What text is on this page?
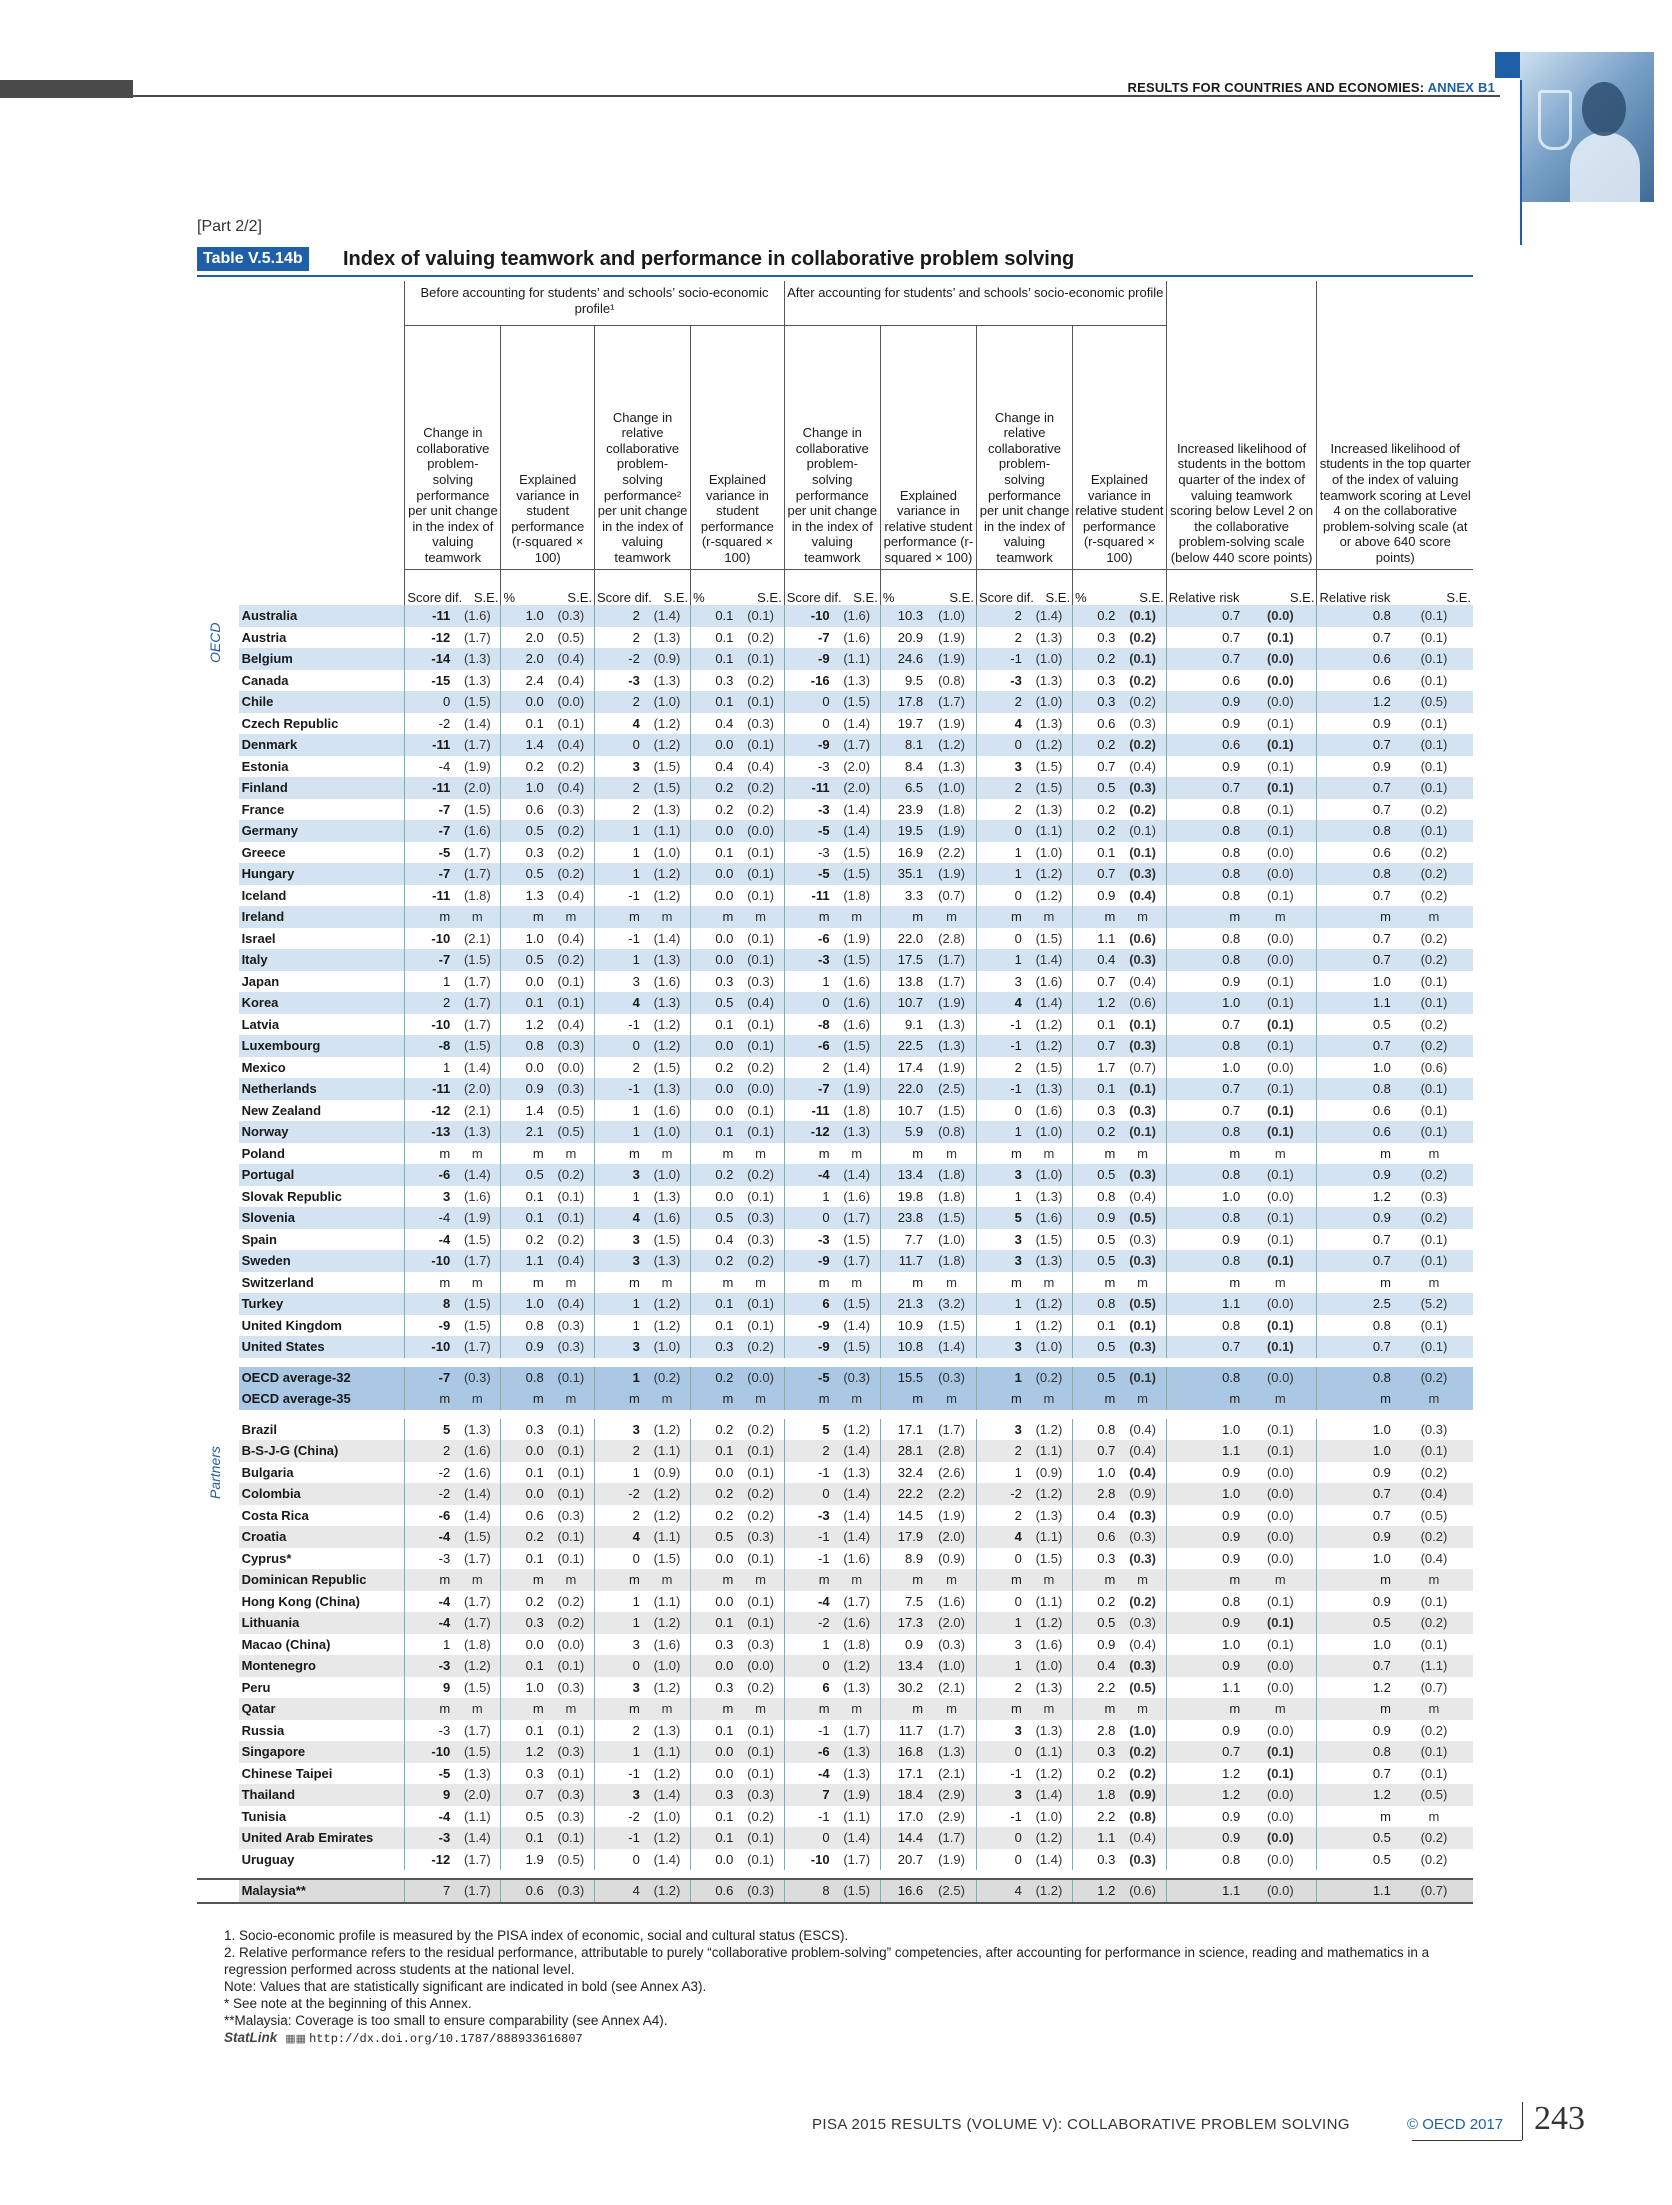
RESULTS FOR COUNTRIES AND ECONOMIES: ANNEX B1
[Part 2/2]
Table V.5.14b	Index of valuing teamwork and performance in collaborative problem solving
		Before accounting for students’ and schools’ socio-economic profile¹								After accounting for students’ and schools’ socio-economic profile								Increased likelihood of students in the bottom quarter of the index of valuing teamwork scoring below Level 2 on the collaborative problem-solving scale (below 440 score points)		Increased likelihood of students in the top quarter of the index of valuing teamwork scoring at Level 4 on the collaborative problem-solving scale (at or above 640 score points)	
		Change in collaborative problem-solving performance per unit change in the index of valuing teamwork		Explained variance in student performance (r-squared × 100)		Change in relative collaborative problem-solving performance² per unit change in the index of valuing teamwork		Explained variance in student performance (r-squared × 100)		Change in collaborative problem-solving performance per unit change in the index of valuing teamwork		Explained variance in relative student performance (r-squared × 100)		Change in relative collaborative problem-solving performance per unit change in the index of valuing teamwork		Explained variance in relative student performance (r-squared × 100)					
		Score dif.	S.E.	%	S.E.	Score dif.	S.E.	%	S.E.	Score dif.	S.E.	%	S.E.	Score dif.	S.E.	%	S.E.	Relative risk	S.E.	Relative risk	S.E.

OECD	Australia	-11	(1.6)	1.0	(0.3)	2	(1.4)	0.1	(0.1)	-10	(1.6)	10.3	(1.0)	2	(1.4)	0.2	(0.1)	0.7	(0.0)	0.8	(0.1)
	Austria	-12	(1.7)	2.0	(0.5)	2	(1.3)	0.1	(0.2)	-7	(1.6)	20.9	(1.9)	2	(1.3)	0.3	(0.2)	0.7	(0.1)	0.7	(0.1)
	Belgium	-14	(1.3)	2.0	(0.4)	-2	(0.9)	0.1	(0.1)	-9	(1.1)	24.6	(1.9)	-1	(1.0)	0.2	(0.1)	0.7	(0.0)	0.6	(0.1)
	Canada	-15	(1.3)	2.4	(0.4)	-3	(1.3)	0.3	(0.2)	-16	(1.3)	9.5	(0.8)	-3	(1.3)	0.3	(0.2)	0.6	(0.0)	0.6	(0.1)
	Chile	0	(1.5)	0.0	(0.0)	2	(1.0)	0.1	(0.1)	0	(1.5)	17.8	(1.7)	2	(1.0)	0.3	(0.2)	0.9	(0.0)	1.2	(0.5)
	Czech Republic	-2	(1.4)	0.1	(0.1)	4	(1.2)	0.4	(0.3)	0	(1.4)	19.7	(1.9)	4	(1.3)	0.6	(0.3)	0.9	(0.1)	0.9	(0.1)
	Denmark	-11	(1.7)	1.4	(0.4)	0	(1.2)	0.0	(0.1)	-9	(1.7)	8.1	(1.2)	0	(1.2)	0.2	(0.2)	0.6	(0.1)	0.7	(0.1)
	Estonia	-4	(1.9)	0.2	(0.2)	3	(1.5)	0.4	(0.4)	-3	(2.0)	8.4	(1.3)	3	(1.5)	0.7	(0.4)	0.9	(0.1)	0.9	(0.1)
	Finland	-11	(2.0)	1.0	(0.4)	2	(1.5)	0.2	(0.2)	-11	(2.0)	6.5	(1.0)	2	(1.5)	0.5	(0.3)	0.7	(0.1)	0.7	(0.1)
	France	-7	(1.5)	0.6	(0.3)	2	(1.3)	0.2	(0.2)	-3	(1.4)	23.9	(1.8)	2	(1.3)	0.2	(0.2)	0.8	(0.1)	0.7	(0.2)
	Germany	-7	(1.6)	0.5	(0.2)	1	(1.1)	0.0	(0.0)	-5	(1.4)	19.5	(1.9)	0	(1.1)	0.2	(0.1)	0.8	(0.1)	0.8	(0.1)
	Greece	-5	(1.7)	0.3	(0.2)	1	(1.0)	0.1	(0.1)	-3	(1.5)	16.9	(2.2)	1	(1.0)	0.1	(0.1)	0.8	(0.0)	0.6	(0.2)
	Hungary	-7	(1.7)	0.5	(0.2)	1	(1.2)	0.0	(0.1)	-5	(1.5)	35.1	(1.9)	1	(1.2)	0.7	(0.3)	0.8	(0.0)	0.8	(0.2)
	Iceland	-11	(1.8)	1.3	(0.4)	-1	(1.2)	0.0	(0.1)	-11	(1.8)	3.3	(0.7)	0	(1.2)	0.9	(0.4)	0.8	(0.1)	0.7	(0.2)
	Ireland	m	m	m	m	m	m	m	m	m	m	m	m	m	m	m	m	m	m	m	m
	Israel	-10	(2.1)	1.0	(0.4)	-1	(1.4)	0.0	(0.1)	-6	(1.9)	22.0	(2.8)	0	(1.5)	1.1	(0.6)	0.8	(0.0)	0.7	(0.2)
	Italy	-7	(1.5)	0.5	(0.2)	1	(1.3)	0.0	(0.1)	-3	(1.5)	17.5	(1.7)	1	(1.4)	0.4	(0.3)	0.8	(0.0)	0.7	(0.2)
	Japan	1	(1.7)	0.0	(0.1)	3	(1.6)	0.3	(0.3)	1	(1.6)	13.8	(1.7)	3	(1.6)	0.7	(0.4)	0.9	(0.1)	1.0	(0.1)
	Korea	2	(1.7)	0.1	(0.1)	4	(1.3)	0.5	(0.4)	0	(1.6)	10.7	(1.9)	4	(1.4)	1.2	(0.6)	1.0	(0.1)	1.1	(0.1)
	Latvia	-10	(1.7)	1.2	(0.4)	-1	(1.2)	0.1	(0.1)	-8	(1.6)	9.1	(1.3)	-1	(1.2)	0.1	(0.1)	0.7	(0.1)	0.5	(0.2)
	Luxembourg	-8	(1.5)	0.8	(0.3)	0	(1.2)	0.0	(0.1)	-6	(1.5)	22.5	(1.3)	-1	(1.2)	0.7	(0.3)	0.8	(0.1)	0.7	(0.2)
	Mexico	1	(1.4)	0.0	(0.0)	2	(1.5)	0.2	(0.2)	2	(1.4)	17.4	(1.9)	2	(1.5)	1.7	(0.7)	1.0	(0.0)	1.0	(0.6)
	Netherlands	-11	(2.0)	0.9	(0.3)	-1	(1.3)	0.0	(0.0)	-7	(1.9)	22.0	(2.5)	-1	(1.3)	0.1	(0.1)	0.7	(0.1)	0.8	(0.1)
	New Zealand	-12	(2.1)	1.4	(0.5)	1	(1.6)	0.0	(0.1)	-11	(1.8)	10.7	(1.5)	0	(1.6)	0.3	(0.3)	0.7	(0.1)	0.6	(0.1)
	Norway	-13	(1.3)	2.1	(0.5)	1	(1.0)	0.1	(0.1)	-12	(1.3)	5.9	(0.8)	1	(1.0)	0.2	(0.1)	0.8	(0.1)	0.6	(0.1)
	Poland	m	m	m	m	m	m	m	m	m	m	m	m	m	m	m	m	m	m	m	m
	Portugal	-6	(1.4)	0.5	(0.2)	3	(1.0)	0.2	(0.2)	-4	(1.4)	13.4	(1.8)	3	(1.0)	0.5	(0.3)	0.8	(0.1)	0.9	(0.2)
	Slovak Republic	3	(1.6)	0.1	(0.1)	1	(1.3)	0.0	(0.1)	1	(1.6)	19.8	(1.8)	1	(1.3)	0.8	(0.4)	1.0	(0.0)	1.2	(0.3)
	Slovenia	-4	(1.9)	0.1	(0.1)	4	(1.6)	0.5	(0.3)	0	(1.7)	23.8	(1.5)	5	(1.6)	0.9	(0.5)	0.8	(0.1)	0.9	(0.2)
	Spain	-4	(1.5)	0.2	(0.2)	3	(1.5)	0.4	(0.3)	-3	(1.5)	7.7	(1.0)	3	(1.5)	0.5	(0.3)	0.9	(0.1)	0.7	(0.1)
	Sweden	-10	(1.7)	1.1	(0.4)	3	(1.3)	0.2	(0.2)	-9	(1.7)	11.7	(1.8)	3	(1.3)	0.5	(0.3)	0.8	(0.1)	0.7	(0.1)
	Switzerland	m	m	m	m	m	m	m	m	m	m	m	m	m	m	m	m	m	m	m	m
	Turkey	8	(1.5)	1.0	(0.4)	1	(1.2)	0.1	(0.1)	6	(1.5)	21.3	(3.2)	1	(1.2)	0.8	(0.5)	1.1	(0.0)	2.5	(5.2)
	United Kingdom	-9	(1.5)	0.8	(0.3)	1	(1.2)	0.1	(0.1)	-9	(1.4)	10.9	(1.5)	1	(1.2)	0.1	(0.1)	0.8	(0.1)	0.8	(0.1)
	United States	-10	(1.7)	0.9	(0.3)	3	(1.0)	0.3	(0.2)	-9	(1.5)	10.8	(1.4)	3	(1.0)	0.5	(0.3)	0.7	(0.1)	0.7	(0.1)

	OECD average-32	-7	(0.3)	0.8	(0.1)	1	(0.2)	0.2	(0.0)	-5	(0.3)	15.5	(0.3)	1	(0.2)	0.5	(0.1)	0.8	(0.0)	0.8	(0.2)
	OECD average-35	m	m	m	m	m	m	m	m	m	m	m	m	m	m	m	m	m	m	m	m

Partners	Brazil	5	(1.3)	0.3	(0.1)	3	(1.2)	0.2	(0.2)	5	(1.2)	17.1	(1.7)	3	(1.2)	0.8	(0.4)	1.0	(0.1)	1.0	(0.3)
	B-S-J-G (China)	2	(1.6)	0.0	(0.1)	2	(1.1)	0.1	(0.1)	2	(1.4)	28.1	(2.8)	2	(1.1)	0.7	(0.4)	1.1	(0.1)	1.0	(0.1)
	Bulgaria	-2	(1.6)	0.1	(0.1)	1	(0.9)	0.0	(0.1)	-1	(1.3)	32.4	(2.6)	1	(0.9)	1.0	(0.4)	0.9	(0.0)	0.9	(0.2)
	Colombia	-2	(1.4)	0.0	(0.1)	-2	(1.2)	0.2	(0.2)	0	(1.4)	22.2	(2.2)	-2	(1.2)	2.8	(0.9)	1.0	(0.0)	0.7	(0.4)
	Costa Rica	-6	(1.4)	0.6	(0.3)	2	(1.2)	0.2	(0.2)	-3	(1.4)	14.5	(1.9)	2	(1.3)	0.4	(0.3)	0.9	(0.0)	0.7	(0.5)
	Croatia	-4	(1.5)	0.2	(0.1)	4	(1.1)	0.5	(0.3)	-1	(1.4)	17.9	(2.0)	4	(1.1)	0.6	(0.3)	0.9	(0.0)	0.9	(0.2)
	Cyprus*	-3	(1.7)	0.1	(0.1)	0	(1.5)	0.0	(0.1)	-1	(1.6)	8.9	(0.9)	0	(1.5)	0.3	(0.3)	0.9	(0.0)	1.0	(0.4)
	Dominican Republic	m	m	m	m	m	m	m	m	m	m	m	m	m	m	m	m	m	m	m	m
	Hong Kong (China)	-4	(1.7)	0.2	(0.2)	1	(1.1)	0.0	(0.1)	-4	(1.7)	7.5	(1.6)	0	(1.1)	0.2	(0.2)	0.8	(0.1)	0.9	(0.1)
	Lithuania	-4	(1.7)	0.3	(0.2)	1	(1.2)	0.1	(0.1)	-2	(1.6)	17.3	(2.0)	1	(1.2)	0.5	(0.3)	0.9	(0.1)	0.5	(0.2)
	Macao (China)	1	(1.8)	0.0	(0.0)	3	(1.6)	0.3	(0.3)	1	(1.8)	0.9	(0.3)	3	(1.6)	0.9	(0.4)	1.0	(0.1)	1.0	(0.1)
	Montenegro	-3	(1.2)	0.1	(0.1)	0	(1.0)	0.0	(0.0)	0	(1.2)	13.4	(1.0)	1	(1.0)	0.4	(0.3)	0.9	(0.0)	0.7	(1.1)
	Peru	9	(1.5)	1.0	(0.3)	3	(1.2)	0.3	(0.2)	6	(1.3)	30.2	(2.1)	2	(1.3)	2.2	(0.5)	1.1	(0.0)	1.2	(0.7)
	Qatar	m	m	m	m	m	m	m	m	m	m	m	m	m	m	m	m	m	m	m	m
	Russia	-3	(1.7)	0.1	(0.1)	2	(1.3)	0.1	(0.1)	-1	(1.7)	11.7	(1.7)	3	(1.3)	2.8	(1.0)	0.9	(0.0)	0.9	(0.2)
	Singapore	-10	(1.5)	1.2	(0.3)	1	(1.1)	0.0	(0.1)	-6	(1.3)	16.8	(1.3)	0	(1.1)	0.3	(0.2)	0.7	(0.1)	0.8	(0.1)
	Chinese Taipei	-5	(1.3)	0.3	(0.1)	-1	(1.2)	0.0	(0.1)	-4	(1.3)	17.1	(2.1)	-1	(1.2)	0.2	(0.2)	1.2	(0.1)	0.7	(0.1)
	Thailand	9	(2.0)	0.7	(0.3)	3	(1.4)	0.3	(0.3)	7	(1.9)	18.4	(2.9)	3	(1.4)	1.8	(0.9)	1.2	(0.0)	1.2	(0.5)
	Tunisia	-4	(1.1)	0.5	(0.3)	-2	(1.0)	0.1	(0.2)	-1	(1.1)	17.0	(2.9)	-1	(1.0)	2.2	(0.8)	0.9	(0.0)	m	m
	United Arab Emirates	-3	(1.4)	0.1	(0.1)	-1	(1.2)	0.1	(0.1)	0	(1.4)	14.4	(1.7)	0	(1.2)	1.1	(0.4)	0.9	(0.0)	0.5	(0.2)
	Uruguay	-12	(1.7)	1.9	(0.5)	0	(1.4)	0.0	(0.1)	-10	(1.7)	20.7	(1.9)	0	(1.4)	0.3	(0.3)	0.8	(0.0)	0.5	(0.2)

	Malaysia**	7	(1.7)	0.6	(0.3)	4	(1.2)	0.6	(0.3)	8	(1.5)	16.6	(2.5)	4	(1.2)	1.2	(0.6)	1.1	(0.0)	1.1	(0.7)
1. Socio-economic profile is measured by the PISA index of economic, social and cultural status (ESCS).
2. Relative performance refers to the residual performance, attributable to purely “collaborative problem-solving” competencies, after accounting for performance in science, reading and mathematics in a regression performed across students at the national level.
Note: Values that are statistically significant are indicated in bold (see Annex A3).
* See note at the beginning of this Annex.
**Malaysia: Coverage is too small to ensure comparability (see Annex A4).
StatLink ▦▦ http://dx.doi.org/10.1787/888933616807
PISA 2015 RESULTS (VOLUME V): COLLABORATIVE PROBLEM SOLVING	© OECD 2017 243
